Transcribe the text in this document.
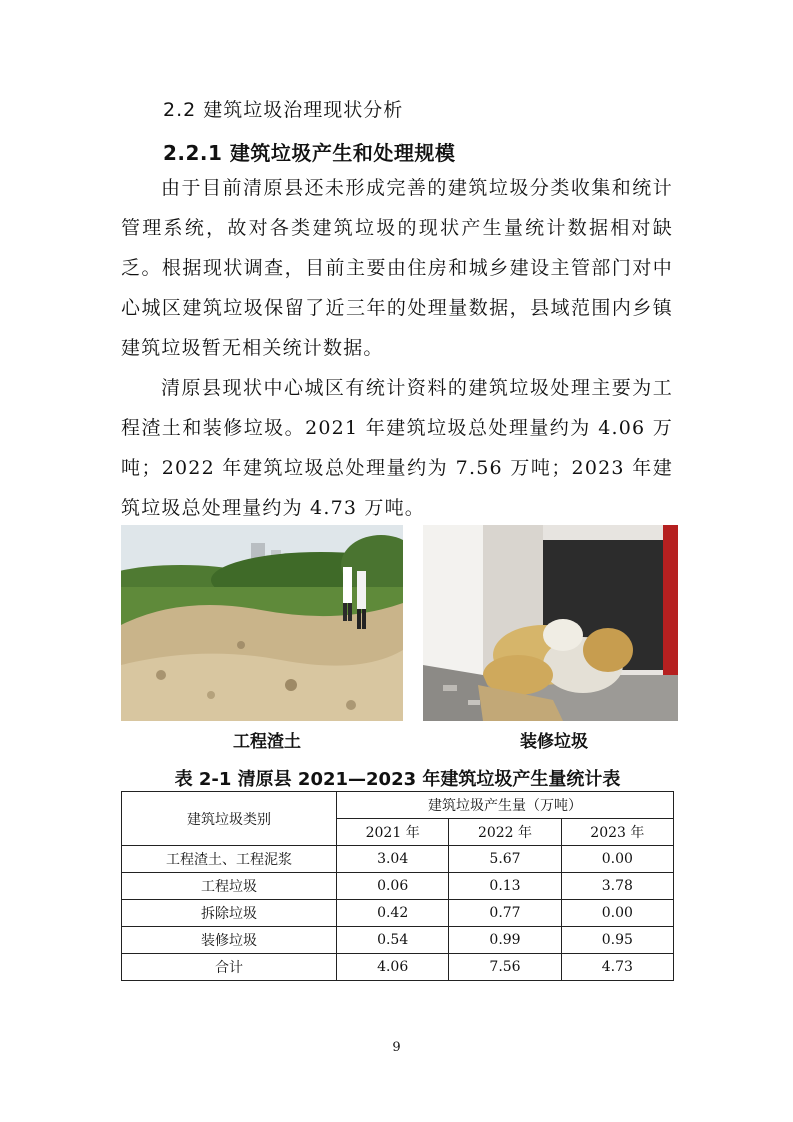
2.2 建筑垃圾治理现状分析
2.2.1 建筑垃圾产生和处理规模

由于目前清原县还未形成完善的建筑垃圾分类收集和统计管理系统，故对各类建筑垃圾的现状产生量统计数据相对缺乏。根据现状调查，目前主要由住房和城乡建设主管部门对中心城区建筑垃圾保留了近三年的处理量数据，县域范围内乡镇建筑垃圾暂无相关统计数据。

清原县现状中心城区有统计资料的建筑垃圾处理主要为工程渣土和装修垃圾。2021 年建筑垃圾总处理量约为 4.06 万吨；2022 年建筑垃圾总处理量约为 7.56 万吨；2023 年建筑垃圾总处理量约为 4.73 万吨。

工程渣土	装修垃圾
表 2-1 清原县 2021—2023 年建筑垃圾产生量统计表
建筑垃圾类别	建筑垃圾产生量（万吨）		
	2021 年	2022 年	2023 年
工程渣土、工程泥浆	3.04	5.67	0.00
工程垃圾	0.06	0.13	3.78
拆除垃圾	0.42	0.77	0.00
装修垃圾	0.54	0.99	0.95
合计	4.06	7.56	4.73
9
